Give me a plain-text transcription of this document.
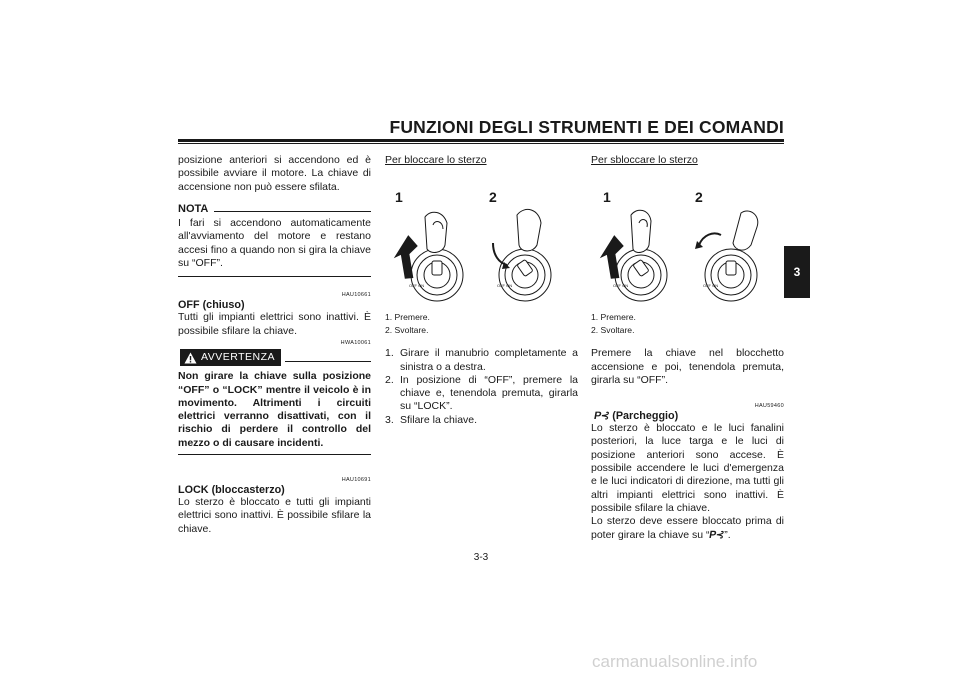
FUNZIONI DEGLI STRUMENTI E DEI COMANDI
3

posizione anteriori si accendono ed è possibile avviare il motore. La chiave di accensione non può essere sfilata.

NOTA

I fari si accendono automaticamente all'avviamento del motore e restano accesi fino a quando non si gira la chiave su “OFF”.

HAU10661
OFF (chiuso)

Tutti gli impianti elettrici sono inattivi. È possibile sfilare la chiave.

HWA10061
AVVERTENZA

Non girare la chiave sulla posizione “OFF” o “LOCK” mentre il veicolo è in movimento. Altrimenti i circuiti elettrici verranno disattivati, con il rischio di perdere il controllo del mezzo o di causare incidenti.

HAU10691
LOCK (bloccasterzo)

Lo sterzo è bloccato e tutti gli impianti elettrici sono inattivi. È possibile sfilare la chiave.

Per bloccare lo sterzo
1	2
OFF ON	OFF ON
1. Premere.
2. Svoltare.
1. Girare il manubrio completamente a sinistra o a destra.
2. In posizione di “OFF”, premere la chiave e, tenendola premuta, girarla su “LOCK”.
3. Sfilare la chiave.
Per sbloccare lo sterzo
1	2
OFF ON	OFF ON
1. Premere.
2. Svoltare.

Premere la chiave nel blocchetto accensione e poi, tenendola premuta, girarla su “OFF”.

HAU59460
P⊰ (Parcheggio)

Lo sterzo è bloccato e le luci fanalini posteriori, la luce targa e le luci di posizione anteriori sono accese. È possibile accendere le luci d'emergenza e le luci indicatori di direzione, ma tutti gli altri impianti elettrici sono inattivi. È possibile sfilare la chiave.

Lo sterzo deve essere bloccato prima di poter girare la chiave su “P⊰”.

3-3
carmanualsonline.info
